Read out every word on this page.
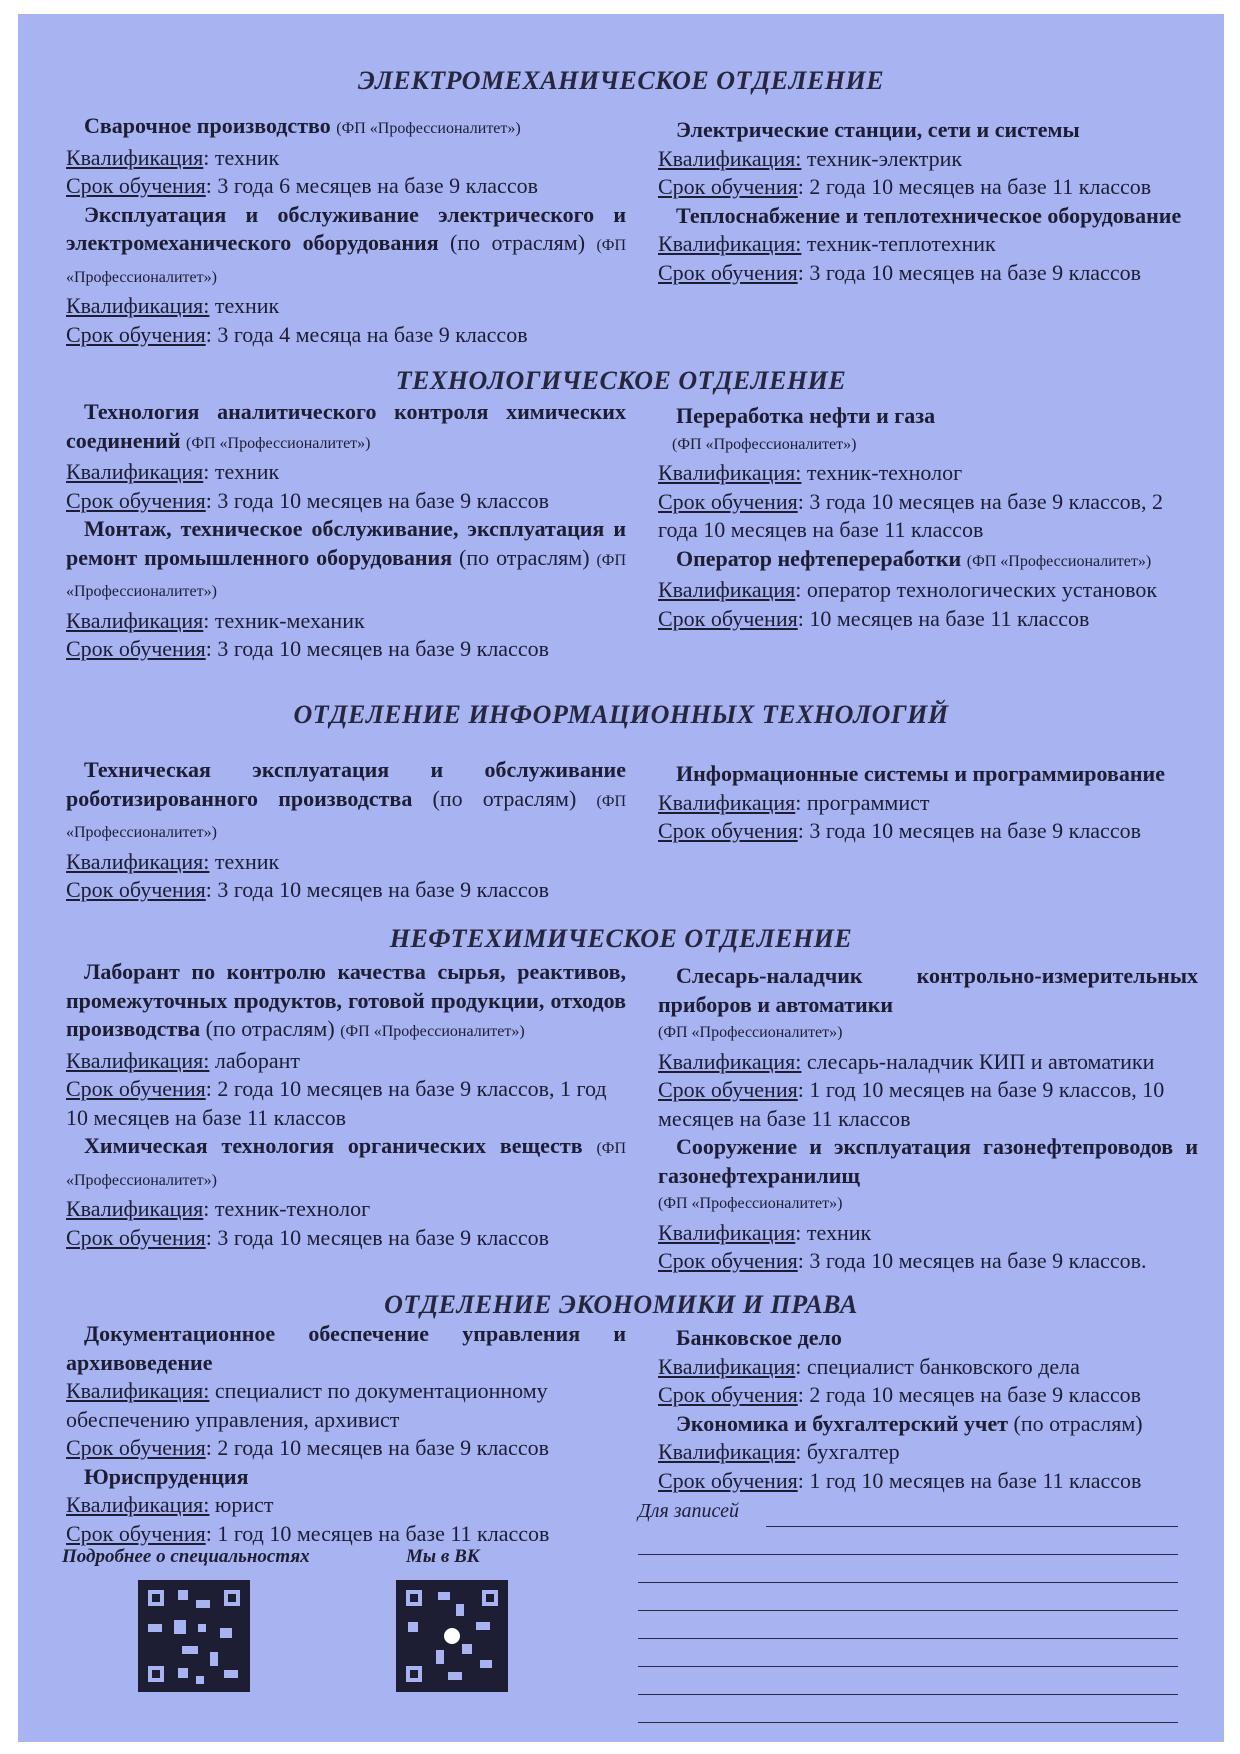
ЭЛЕКТРОМЕХАНИЧЕСКОЕ ОТДЕЛЕНИЕ

Сварочное производство (ФП «Профессионалитет»)

Квалификация: техник

Срок обучения: 3 года 6 месяцев на базе 9 классов

Эксплуатация и обслуживание электрического и электромеханического оборудования (по отраслям) (ФП «Профессионалитет»)

Квалификация: техник

Срок обучения: 3 года 4 месяца на базе 9 классов

Электрические станции, сети и системы

Квалификация: техник-электрик

Срок обучения: 2 года 10 месяцев на базе 11 классов

Теплоснабжение и теплотехническое оборудование

Квалификация: техник-теплотехник

Срок обучения: 3 года 10 месяцев на базе 9 классов

ТЕХНОЛОГИЧЕСКОЕ ОТДЕЛЕНИЕ

Технология аналитического контроля химических соединений (ФП «Профессионалитет»)

Квалификация: техник

Срок обучения: 3 года 10 месяцев на базе 9 классов

Монтаж, техническое обслуживание, эксплуатация и ремонт промышленного оборудования (по отраслям) (ФП «Профессионалитет»)

Квалификация: техник-механик

Срок обучения: 3 года 10 месяцев на базе 9 классов

Переработка нефти и газа

(ФП «Профессионалитет»)

Квалификация: техник-технолог

Срок обучения: 3 года 10 месяцев на базе 9 классов, 2 года 10 месяцев на базе 11 классов

Оператор нефтепереработки (ФП «Профессионалитет»)

Квалификация: оператор технологических установок

Срок обучения: 10 месяцев на базе 11 классов

ОТДЕЛЕНИЕ ИНФОРМАЦИОННЫХ ТЕХНОЛОГИЙ

Техническая эксплуатация и обслуживание роботизированного производства (по отраслям) (ФП «Профессионалитет»)

Квалификация: техник

Срок обучения: 3 года 10 месяцев на базе 9 классов

Информационные системы и программирование

Квалификация: программист

Срок обучения: 3 года 10 месяцев на базе 9 классов

НЕФТЕХИМИЧЕСКОЕ ОТДЕЛЕНИЕ

Лаборант по контролю качества сырья, реактивов, промежуточных продуктов, готовой продукции, отходов производства (по отраслям) (ФП «Профессионалитет»)

Квалификация: лаборант

Срок обучения: 2 года 10 месяцев на базе 9 классов, 1 год 10 месяцев на базе 11 классов

Химическая технология органических веществ (ФП «Профессионалитет»)

Квалификация: техник-технолог

Срок обучения: 3 года 10 месяцев на базе 9 классов

Слесарь-наладчик контрольно-измерительных приборов и автоматики

(ФП «Профессионалитет»)

Квалификация: слесарь-наладчик КИП и автоматики

Срок обучения: 1 год 10 месяцев на базе 9 классов, 10 месяцев на базе 11 классов

Сооружение и эксплуатация газонефтепроводов и газонефтехранилищ

(ФП «Профессионалитет»)

Квалификация: техник

Срок обучения: 3 года 10 месяцев на базе 9 классов.

ОТДЕЛЕНИЕ ЭКОНОМИКИ И ПРАВА

Документационное обеспечение управления и архивоведение

Квалификация: специалист по документационному обеспечению управления, архивист

Срок обучения: 2 года 10 месяцев на базе 9 классов

Юриспруденция

Квалификация: юрист

Срок обучения: 1 год 10 месяцев на базе 11 классов

Банковское дело

Квалификация: специалист банковского дела

Срок обучения: 2 года 10 месяцев на базе 9 классов

Экономика и бухгалтерский учет (по отраслям)

Квалификация: бухгалтер

Срок обучения: 1 год 10 месяцев на базе 11 классов

Подробнее о специальностях	Мы в ВК
Для записей
